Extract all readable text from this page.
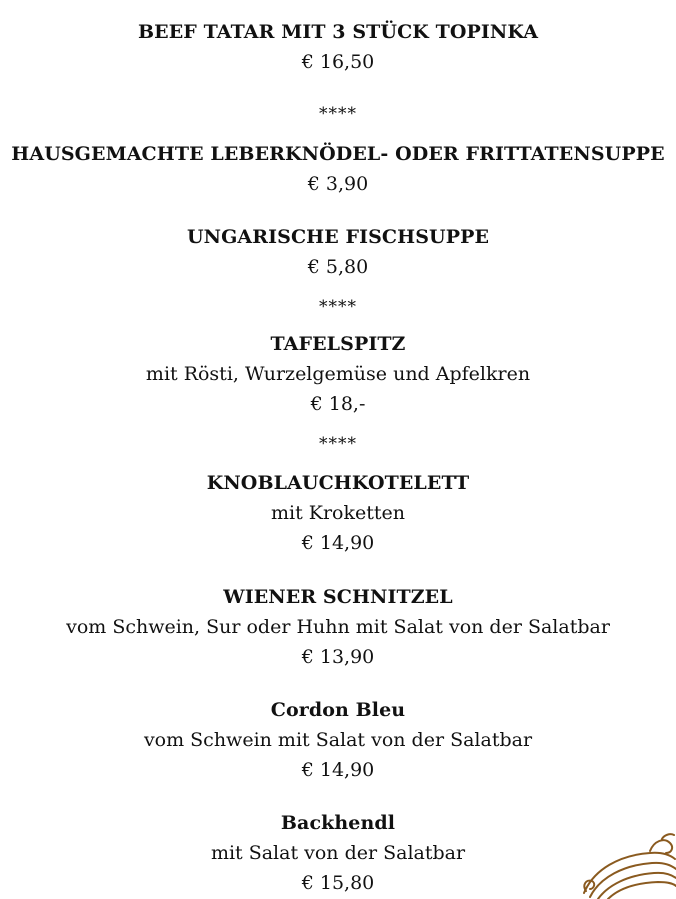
BEEF TATAR MIT 3 STÜCK TOPINKA
€ 16,50
****
HAUSGEMACHTE LEBERKNÖDEL- ODER FRITTATENSUPPE
€ 3,90
UNGARISCHE FISCHSUPPE
€ 5,80
****
TAFELSPITZ
mit Rösti, Wurzelgemüse und Apfelkren
€ 18,-
****
KNOBLAUCHKOTELETT
mit Kroketten
€ 14,90
WIENER SCHNITZEL
vom Schwein, Sur oder Huhn mit Salat von der Salatbar
€ 13,90
Cordon Bleu
vom Schwein mit Salat von der Salatbar
€ 14,90
Backhendl
mit Salat von der Salatbar
€ 15,80
